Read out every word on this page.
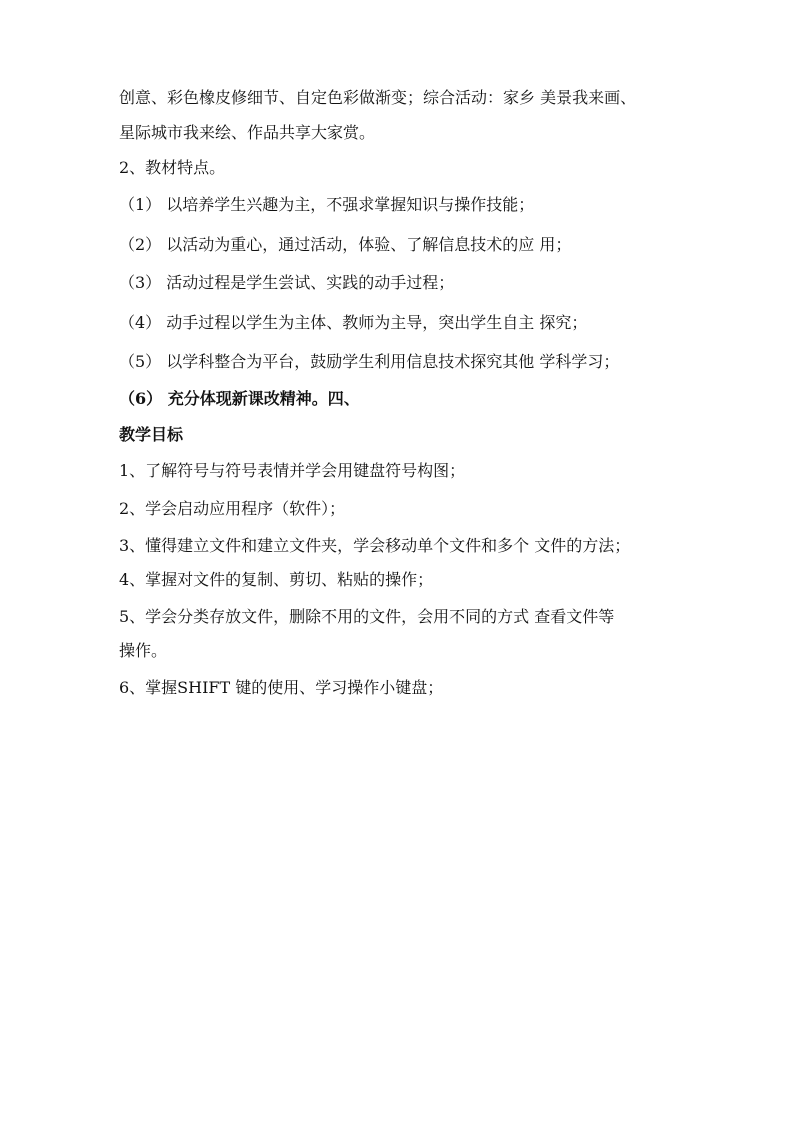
创意、彩色橡皮修细节、自定色彩做渐变；综合活动：家乡 美景我来画、
星际城市我来绘、作品共享大家赏。
2、教材特点。
（1） 以培养学生兴趣为主，不强求掌握知识与操作技能；
（2） 以活动为重心，通过活动，体验、了解信息技术的应 用；
（3） 活动过程是学生尝试、实践的动手过程；
（4） 动手过程以学生为主体、教师为主导，突出学生自主 探究；
（5） 以学科整合为平台，鼓励学生利用信息技术探究其他 学科学习；
（6） 充分体现新课改精神。四、
教学目标
1、了解符号与符号表情并学会用键盘符号构图；
2、学会启动应用程序（软件）；
3、懂得建立文件和建立文件夹，学会移动单个文件和多个 文件的方法；
4、掌握对文件的复制、剪切、粘贴的操作；
5、学会分类存放文件，删除不用的文件，会用不同的方式 查看文件等
操作。
6、掌握SHIFT 键的使用、学习操作小键盘；
